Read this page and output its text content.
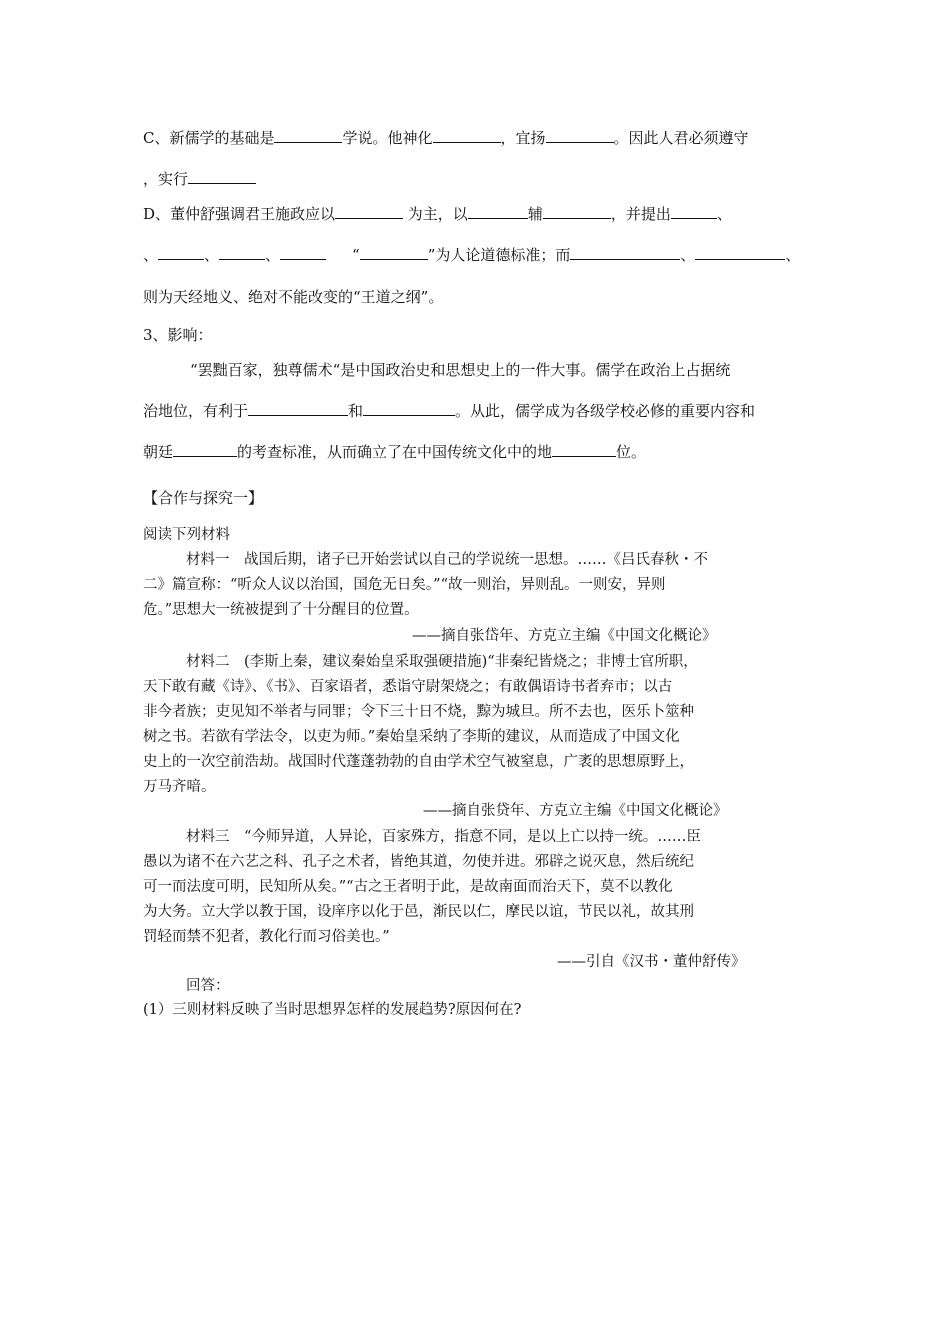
C、新儒学的基础是	学说。他神化	，宜扬	。因此人君必须遵守
，实行
D、董仲舒强调君王施政应以	为主，以	辅	，并提出	、
、	、	、	“	”为人论道德标准；而	、	、
则为天经地义、绝对不能改变的“王道之纲”。
3、影响：
“罢黜百家，独尊儒术“是中国政治史和思想史上的一件大事。儒学在政治上占据统
治地位，有利于	和	。从此，儒学成为各级学校必修的重要内容和
朝廷	的考查标准，从而确立了在中国传统文化中的地	位。
【合作与探究一】
阅读下列材料
材料一　战国后期，诸子已开始尝试以自己的学说统一思想。……《吕氏春秋・不
二》篇宣称：“听众人议以治国，国危无日矣。”“故一则治，异则乱。一则安，异则
危。”思想大一统被提到了十分醒目的位置。
——摘自张岱年、方克立主编《中国文化概论》
材料二　(李斯上秦，建议秦始皇采取强硬措施)“非秦纪皆烧之；非博士官所职，
天下敢有藏《诗》、《书》、百家语者，悉诣守尉架烧之；有敢偶语诗书者弃市；以古
非今者族；吏见知不举者与同罪；令下三十日不烧，黥为城旦。所不去也，医乐卜筮种
树之书。若欲有学法令，以吏为师。”秦始皇采纳了李斯的建议，从而造成了中国文化
史上的一次空前浩劫。战国时代蓬蓬勃勃的自由学术空气被窒息，广袤的思想原野上，
万马齐喑。
——摘自张贷年、方克立主编《中国文化概论》
材料三　“今师异道，人异论，百家殊方，指意不同，是以上亡以持一统。……臣
愚以为诸不在六艺之科、孔子之术者，皆绝其道，勿使并进。邪辟之说灭息，然后统纪
可一而法度可明，民知所从矣。”“古之王者明于此，是故南面而治天下，莫不以教化
为大务。立大学以教于国，设庠序以化于邑，渐民以仁，摩民以谊，节民以礼，故其刑
罚轻而禁不犯者，教化行而习俗美也。”
——引自《汉书・董仲舒传》
回答：
(1）三则材料反映了当时思想界怎样的发展趋势?原因何在?
